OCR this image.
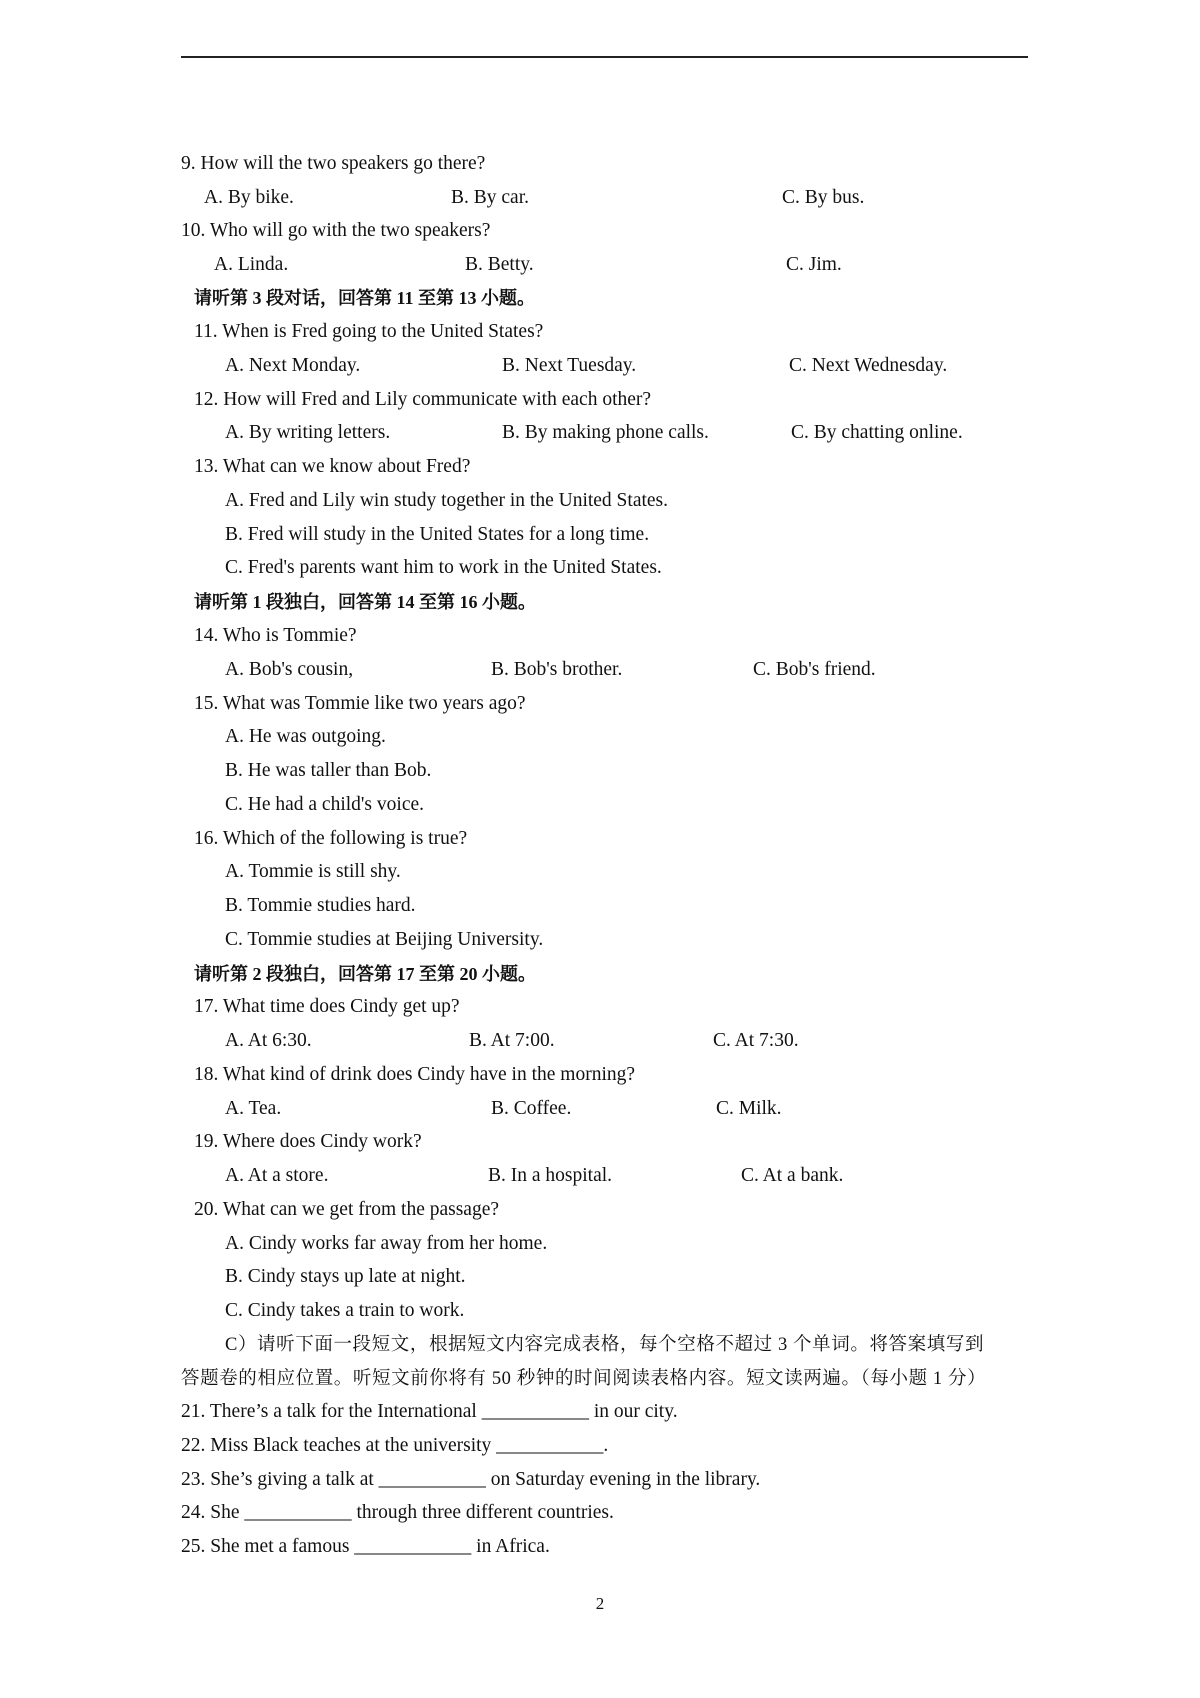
9. How will the two speakers go there?
A. By bike.	B. By car.	C. By bus.
10. Who will go with the two speakers?
A. Linda.	B. Betty.	C. Jim.
请听第 3 段对话，回答第 11 至第 13 小题。
11. When is Fred going to the United States?
A. Next Monday.	B. Next Tuesday.	C. Next Wednesday.
12. How will Fred and Lily communicate with each other?
A. By writing letters.	B. By making phone calls.	C. By chatting online.
13. What can we know about Fred?
A. Fred and Lily win study together in the United States.
B. Fred will study in the United States for a long time.
C. Fred's parents want him to work in the United States.
请听第 1 段独白，回答第 14 至第 16 小题。
14. Who is Tommie?
A. Bob's cousin,	B. Bob's brother.	C. Bob's friend.
15. What was Tommie like two years ago?
A. He was outgoing.
B. He was taller than Bob.
C. He had a child's voice.
16. Which of the following is true?
A. Tommie is still shy.
B. Tommie studies hard.
C. Tommie studies at Beijing University.
请听第 2 段独白，回答第 17 至第 20 小题。
17. What time does Cindy get up?
A. At 6:30.	B. At 7:00.	C. At 7:30.
18. What kind of drink does Cindy have in the morning?
A. Tea.	B. Coffee.	C. Milk.
19. Where does Cindy work?
A. At a store.	B. In a hospital.	C. At a bank.
20. What can we get from the passage?
A. Cindy works far away from her home.
B. Cindy stays up late at night.
C. Cindy takes a train to work.
C）请听下面一段短文，根据短文内容完成表格，每个空格不超过 3 个单词。将答案填写到
答题卷的相应位置。听短文前你将有 50 秒钟的时间阅读表格内容。短文读两遍。（每小题 1 分）
21. There’s a talk for the International ___________ in our city.
22. Miss Black teaches at the university ___________.
23. She’s giving a talk at ___________ on Saturday evening in the library.
24. She ___________ through three different countries.
25. She met a famous ____________ in Africa.
2
